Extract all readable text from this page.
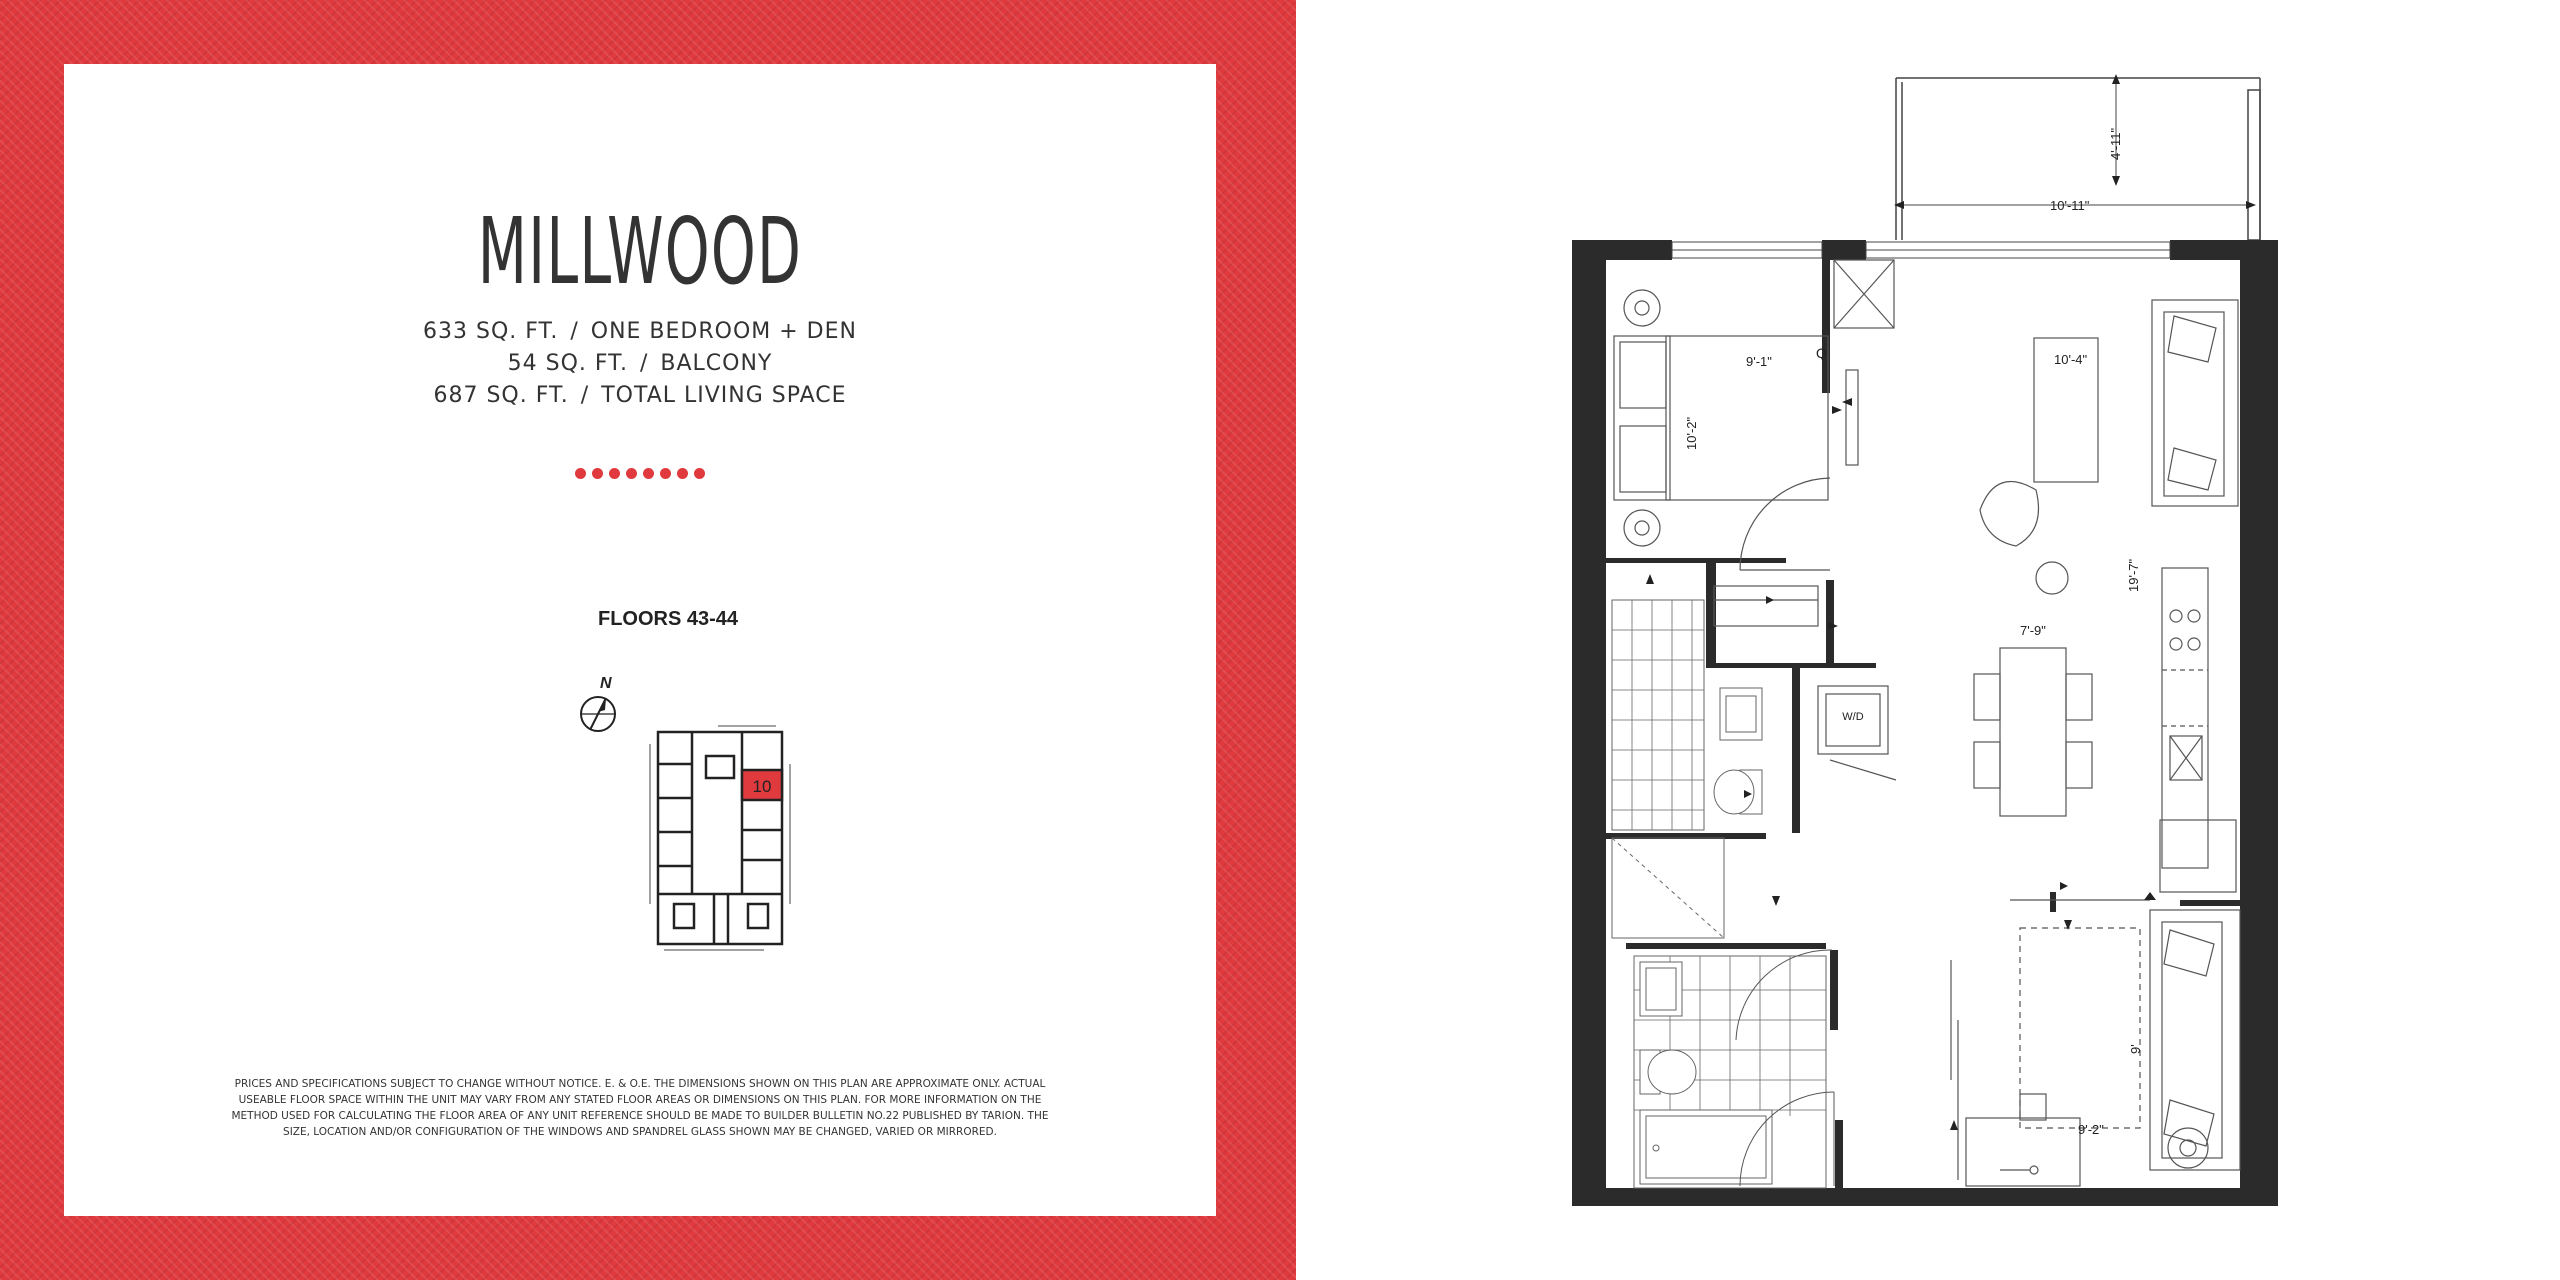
MILLWOOD
633 SQ. FT. / ONE BEDROOM + DEN
54 SQ. FT. / BALCONY
687 SQ. FT. / TOTAL LIVING SPACE
FLOORS 43-44
N
10
PRICES AND SPECIFICATIONS SUBJECT TO CHANGE WITHOUT NOTICE. E. & O.E. THE DIMENSIONS SHOWN ON THIS PLAN ARE APPROXIMATE ONLY. ACTUAL
USEABLE FLOOR SPACE WITHIN THE UNIT MAY VARY FROM ANY STATED FLOOR AREAS OR DIMENSIONS ON THIS PLAN. FOR MORE INFORMATION ON THE
METHOD USED FOR CALCULATING THE FLOOR AREA OF ANY UNIT REFERENCE SHOULD BE MADE TO BUILDER BULLETIN NO.22 PUBLISHED BY TARION. THE
SIZE, LOCATION AND/OR CONFIGURATION OF THE WINDOWS AND SPANDREL GLASS SHOWN MAY BE CHANGED, VARIED OR MIRRORED.
4'-11"
10'-11"
9'-1"
Q
10'-2"
10'-4"
19'-7"
7'-9"
W/D
9'
9'-2"
